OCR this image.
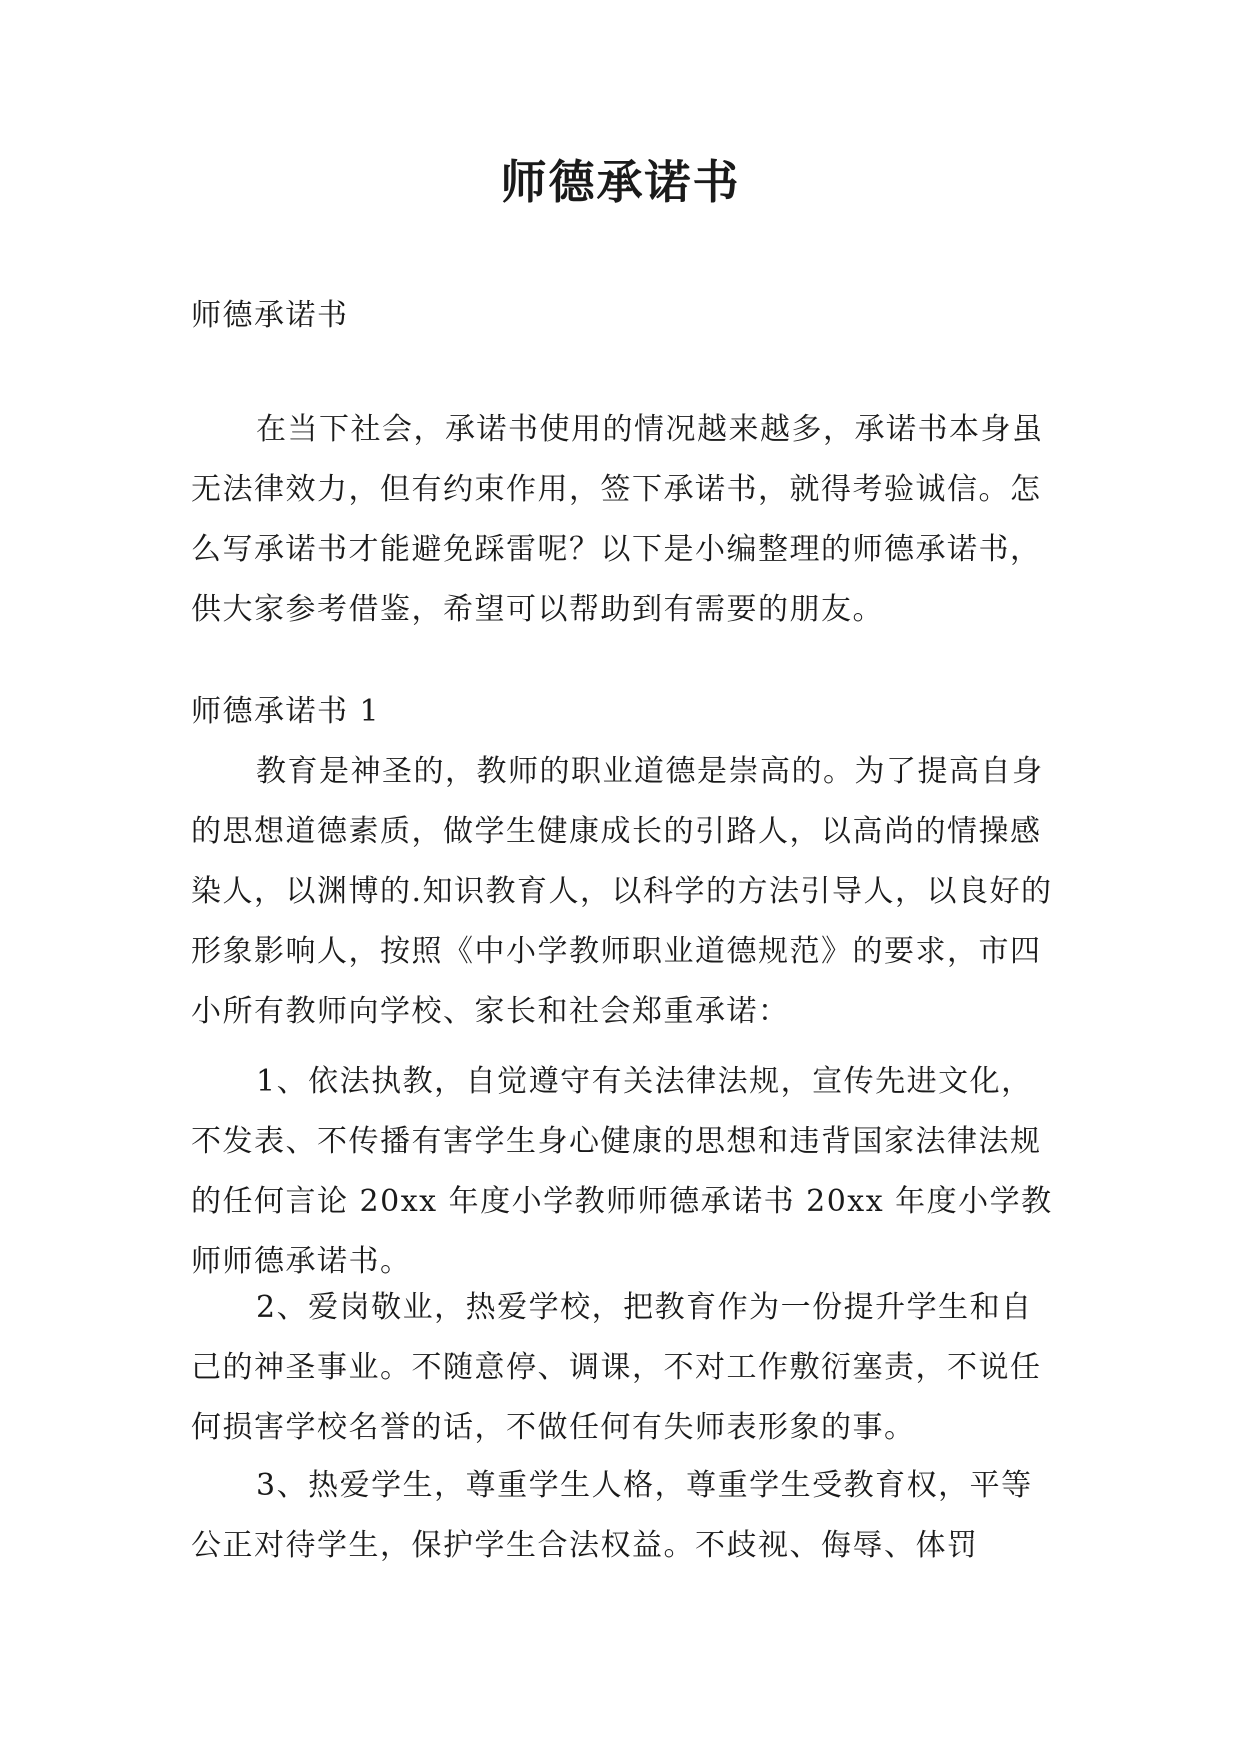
师德承诺书

师德承诺书

在当下社会，承诺书使用的情况越来越多，承诺书本身虽无法律效力，但有约束作用，签下承诺书，就得考验诚信。怎么写承诺书才能避免踩雷呢？以下是小编整理的师德承诺书，供大家参考借鉴，希望可以帮助到有需要的朋友。

师德承诺书 1

教育是神圣的，教师的职业道德是崇高的。为了提高自身的思想道德素质，做学生健康成长的引路人，以高尚的情操感染人，以渊博的.知识教育人，以科学的方法引导人，以良好的形象影响人，按照《中小学教师职业道德规范》的要求，市四小所有教师向学校、家长和社会郑重承诺：

1、依法执教，自觉遵守有关法律法规，宣传先进文化，不发表、不传播有害学生身心健康的思想和违背国家法律法规的任何言论 20xx 年度小学教师师德承诺书 20xx 年度小学教师师德承诺书。

2、爱岗敬业，热爱学校，把教育作为一份提升学生和自己的神圣事业。不随意停、调课，不对工作敷衍塞责，不说任何损害学校名誉的话，不做任何有失师表形象的事。

3、热爱学生，尊重学生人格，尊重学生受教育权，平等公正对待学生，保护学生合法权益。不歧视、侮辱、体罚
